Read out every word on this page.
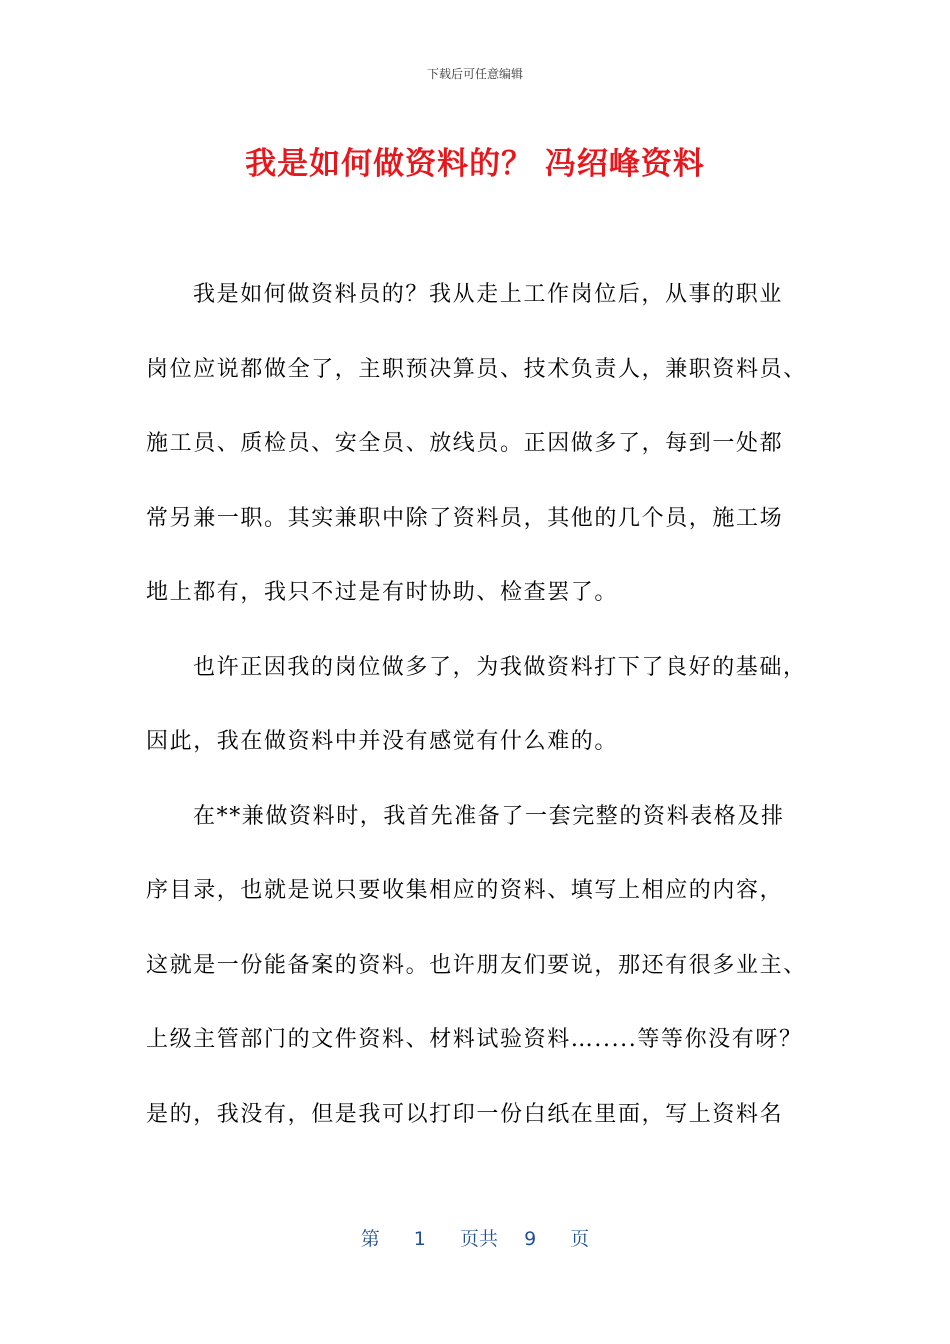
下载后可任意编辑
我是如何做资料的？ 冯绍峰资料
我是如何做资料员的？我从走上工作岗位后，从事的职业
岗位应说都做全了，主职预决算员、技术负责人，兼职资料员、
施工员、质检员、安全员、放线员。正因做多了，每到一处都
常另兼一职。其实兼职中除了资料员，其他的几个员，施工场
地上都有，我只不过是有时协助、检查罢了。
也许正因我的岗位做多了，为我做资料打下了良好的基础，
因此，我在做资料中并没有感觉有什么难的。
在**兼做资料时，我首先准备了一套完整的资料表格及排
序目录，也就是说只要收集相应的资料、填写上相应的内容，
这就是一份能备案的资料。也许朋友们要说，那还有很多业主、
上级主管部门的文件资料、材料试验资料….....等等你没有呀？
是的，我没有，但是我可以打印一份白纸在里面，写上资料名
第 1 页共 9 页
